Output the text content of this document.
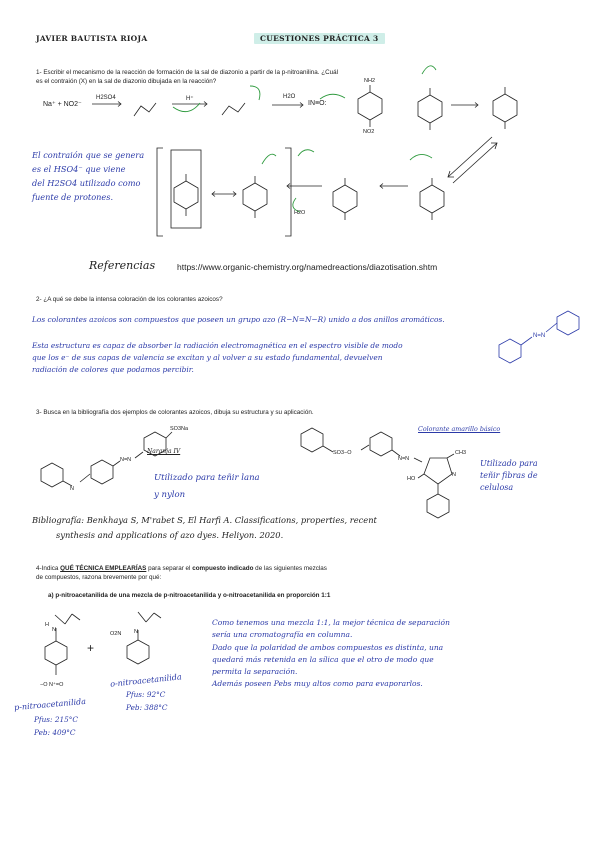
JAVIER BAUTISTA RIOJA	CUESTIONES PRÁCTICA 3
1- Escribir el mecanismo de la reacción de formación de la sal de diazonio a partir de la p-nitroanilina. ¿Cuál
es el contraión (X) en la sal de diazonio dibujada en la reacción?
Na⁺ + NO2⁻
H2SO4	H⁺	H2O
IN≡O:
NH2
NO2
H2O
El contraión que se genera
es el HSO4⁻ que viene
del H2SO4 utilizado como
fuente de protones.
Referencias	https://www.organic-chemistry.org/namedreactions/diazotisation.shtm
2- ¿A qué se debe la intensa coloración de los colorantes azoicos?
Los colorantes azoicos son compuestos que poseen un grupo azo (R−N=N−R) unido a dos anillos aromáticos.
Esta estructura es capaz de absorber la radiación electromagnética en el espectro visible de modo
que los e⁻ de sus capas de valencia se excitan y al volver a su estado fundamental, devuelven
radiación de colores que podamos percibir.
N=N
3- Busca en la bibliografía dos ejemplos de colorantes azoicos, dibuja su estructura y su aplicación.
N
N=N	N=N
SO3Na
Naranja IV
Utilizado para teñir lana
y nylon
SO3−O	CH3
HO
N
Colorante amarillo básico
Utilizado para
teñir fibras de
celulosa
Bibliografía: Benkhaya S, M'rabet S, El Harfi A. Classifications, properties, recent
synthesis and applications of azo dyes. Heliyon. 2020.
4-Indica QUÉ TÉCNICA EMPLEARÍAS para separar el compuesto indicado de las siguientes mezclas
de compuestos, razona brevemente por qué:
a) p-nitroacetanilida de una mezcla de p-nitroacetanilida y o-nitroacetanilida en proporción 1:1
+
H
N
−O N⁺=O
O2N N
p-nitroacetanilida
Pfus: 215°C
Peb: 409°C
o-nitroacetanilida
Pfus: 92°C
Peb: 388°C
Como tenemos una mezcla 1:1, la mejor técnica de separación
sería una cromatografía en columna.
Dado que la polaridad de ambos compuestos es distinta, una
quedará más retenida en la sílica que el otro de modo que
permita la separación.
Además poseen Pebs muy altos como para evaporarlos.
